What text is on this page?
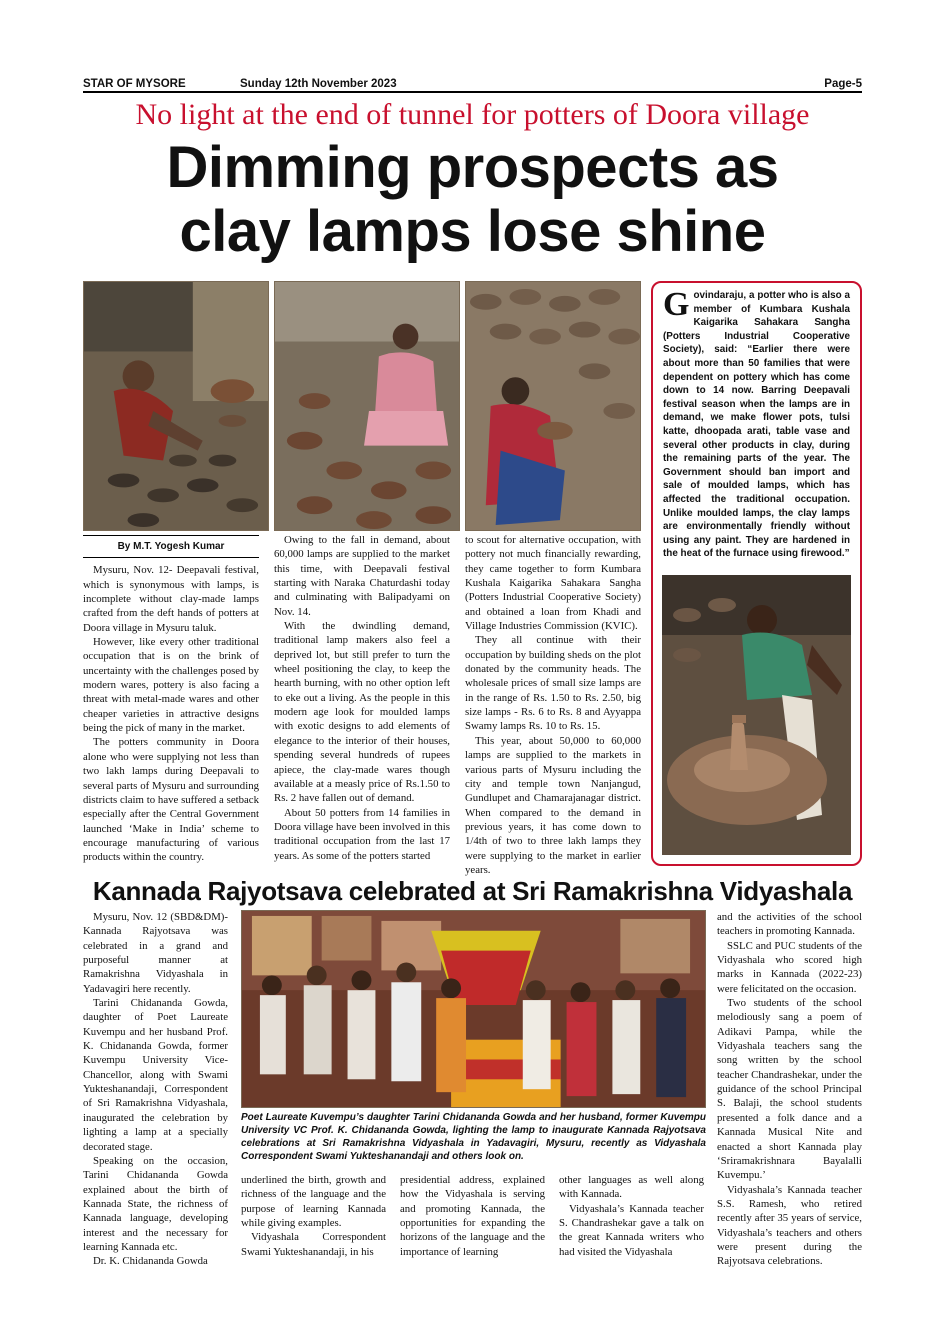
STAR OF MYSORE	Sunday 12th November 2023	Page-5
No light at the end of tunnel for potters of Doora village
Dimming prospects as
clay lamps lose shine
By M.T. Yogesh Kumar

Mysuru, Nov. 12- Deepavali festival, which is synonymous with lamps, is incomplete without clay-made lamps crafted from the deft hands of potters at Doora village in Mysuru taluk.

However, like every other traditional occupation that is on the brink of uncertainty with the challenges posed by modern wares, pottery is also facing a threat with metal-made wares and other cheaper varieties in attractive designs being the pick of many in the market.

The potters community in Doora alone who were supplying not less than two lakh lamps during Deepavali to several parts of Mysuru and surrounding districts claim to have suffered a setback especially after the Central Government launched ‘Make in India’ scheme to encourage manufacturing of various products within the country.

Owing to the fall in demand, about 60,000 lamps are supplied to the market this time, with Deepavali festival starting with Naraka Chaturdashi today and culminating with Balipadyami on Nov. 14.

With the dwindling demand, traditional lamp makers also feel a deprived lot, but still prefer to turn the wheel positioning the clay, to keep the hearth burning, with no other option left to eke out a living. As the people in this modern age look for moulded lamps with exotic designs to add elements of elegance to the interior of their houses, spending several hundreds of rupees apiece, the clay-made wares though available at a measly price of Rs.1.50 to Rs. 2 have fallen out of demand.

About 50 potters from 14 families in Doora village have been involved in this traditional occupation from the last 17 years. As some of the potters started

to scout for alternative occupation, with pottery not much financially rewarding, they came together to form Kumbara Kushala Kaigarika Sahakara Sangha (Potters Industrial Cooperative Society) and obtained a loan from Khadi and Village Industries Commission (KVIC).

They all continue with their occupation by building sheds on the plot donated by the community heads. The wholesale prices of small size lamps are in the range of Rs. 1.50 to Rs. 2.50, big size lamps - Rs. 6 to Rs. 8 and Ayyappa Swamy lamps Rs. 10 to Rs. 15.

This year, about 50,000 to 60,000 lamps are supplied to the markets in various parts of Mysuru including the city and temple town Nanjangud, Gundlupet and Chamarajanagar district. When compared to the demand in previous years, it has come down to 1/4th of two to three lakh lamps they were supplying to the market in earlier years.

Govindaraju, a potter who is also a member of Kumbara Kushala Kaigarika Sahakara Sangha (Potters Industrial Cooperative Society), said: “Earlier there were about more than 50 families that were dependent on pottery which has come down to 14 now. Barring Deepavali festival season when the lamps are in demand, we make flower pots, tulsi katte, dhoopada arati, table vase and several other products in clay, during the remaining parts of the year. The Government should ban import and sale of moulded lamps, which has affected the traditional occupation. Unlike moulded lamps, the clay lamps are environmentally friendly without using any paint. They are hardened in the heat of the furnace using firewood.”
Kannada Rajyotsava celebrated at Sri Ramakrishna Vidyashala

Mysuru, Nov. 12 (SBD&DM)- Kannada Rajyotsava was celebrated in a grand and purposeful manner at Ramakrishna Vidyashala in Yadavagiri here recently.

Tarini Chidananda Gowda, daughter of Poet Laureate Kuvempu and her husband Prof. K. Chidananda Gowda, former Kuvempu University Vice-Chancellor, along with Swami Yukteshanandaji, Correspondent of Sri Ramakrishna Vidyashala, inaugurated the celebration by lighting a lamp at a specially decorated stage.

Speaking on the occasion, Tarini Chidananda Gowda explained about the birth of Kannada State, the richness of Kannada language, developing interest and the necessary for learning Kannada etc.

Dr. K. Chidananda Gowda

Poet Laureate Kuvempu’s daughter Tarini Chidananda Gowda and her husband, former Kuvempu University VC Prof. K. Chidananda Gowda, lighting the lamp to inaugurate Kannada Rajyotsava celebrations at Sri Ramakrishna Vidyashala in Yadavagiri, Mysuru, recently as Vidyashala Correspondent Swami Yukteshanandaji and others look on.

underlined the birth, growth and richness of the language and the purpose of learning Kannada while giving examples.

Vidyashala Correspondent Swami Yukteshanandaji, in his

presidential address, explained how the Vidyashala is serving and promoting Kannada, the opportunities for expanding the horizons of the language and the importance of learning

other languages as well along with Kannada.

Vidyashala’s Kannada teacher S. Chandrashekar gave a talk on the great Kannada writers who had visited the Vidyashala

and the activities of the school teachers in promoting Kannada.

SSLC and PUC students of the Vidyashala who scored high marks in Kannada (2022-23) were felicitated on the occasion.

Two students of the school melodiously sang a poem of Adikavi Pampa, while the Vidyashala teachers sang the song written by the school teacher Chandrashekar, under the guidance of the school Principal S. Balaji, the school students presented a folk dance and a Kannada Musical Nite and enacted a short Kannada play ‘Sriramakrishnara Bayalalli Kuvempu.’

Vidyashala’s Kannada teacher S.S. Ramesh, who retired recently after 35 years of service, Vidyashala’s teachers and others were present during the Rajyotsava celebrations.
